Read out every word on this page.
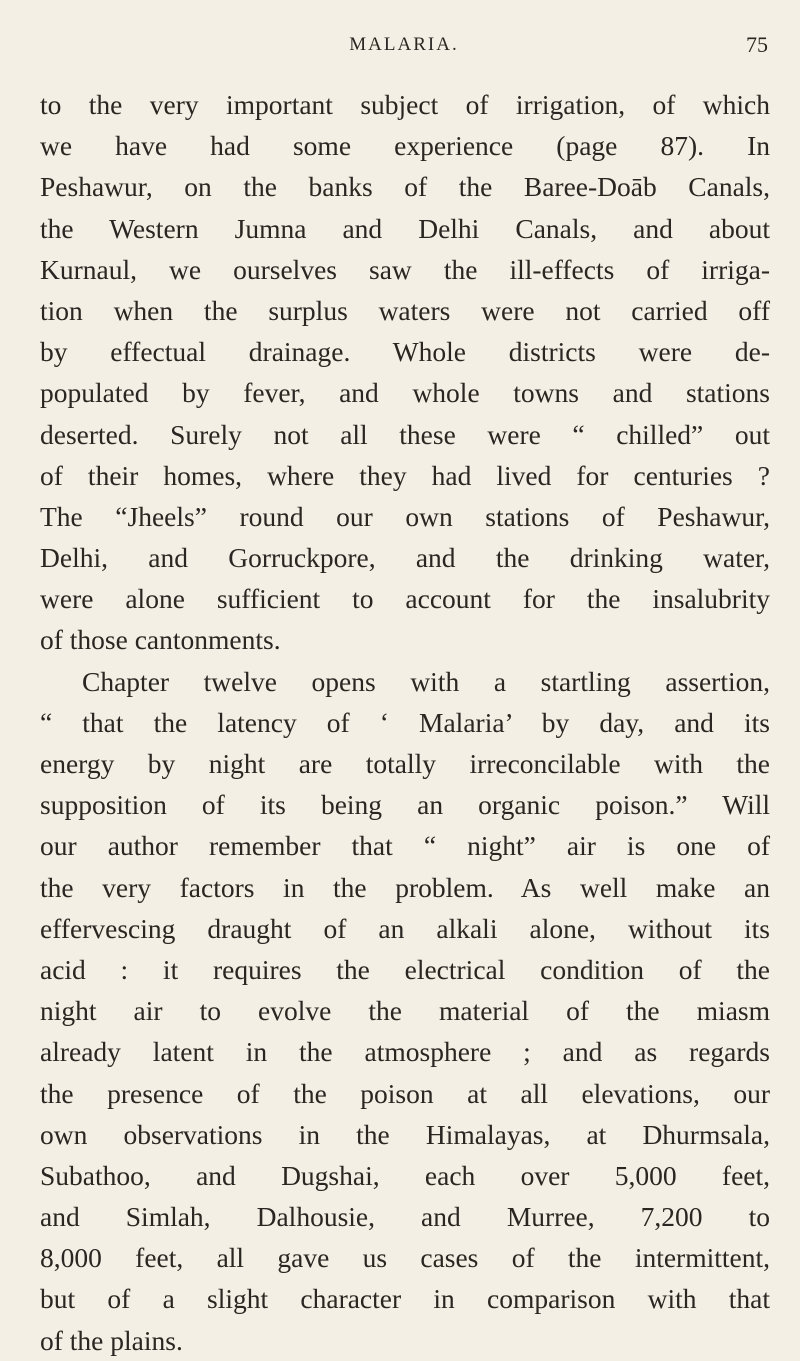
MALARIA.	75
to the very important subject of irrigation, of which
we have had some experience (page 87). In
Peshawur, on the banks of the Baree-Doāb Canals,
the Western Jumna and Delhi Canals, and about
Kurnaul, we ourselves saw the ill-effects of irriga-
tion when the surplus waters were not carried off
by effectual drainage. Whole districts were de-
populated by fever, and whole towns and stations
deserted. Surely not all these were “ chilled” out
of their homes, where they had lived for centuries ?
The “Jheels” round our own stations of Peshawur,
Delhi, and Gorruckpore, and the drinking water,
were alone sufficient to account for the insalubrity
of those cantonments.
Chapter twelve opens with a startling assertion,
“ that the latency of ‘ Malaria’ by day, and its
energy by night are totally irreconcilable with the
supposition of its being an organic poison.” Will
our author remember that “ night” air is one of
the very factors in the problem. As well make an
effervescing draught of an alkali alone, without its
acid : it requires the electrical condition of the
night air to evolve the material of the miasm
already latent in the atmosphere ; and as regards
the presence of the poison at all elevations, our
own observations in the Himalayas, at Dhurmsala,
Subathoo, and Dugshai, each over 5,000 feet,
and Simlah, Dalhousie, and Murree, 7,200 to
8,000 feet, all gave us cases of the intermittent,
but of a slight character in comparison with that
of the plains.
